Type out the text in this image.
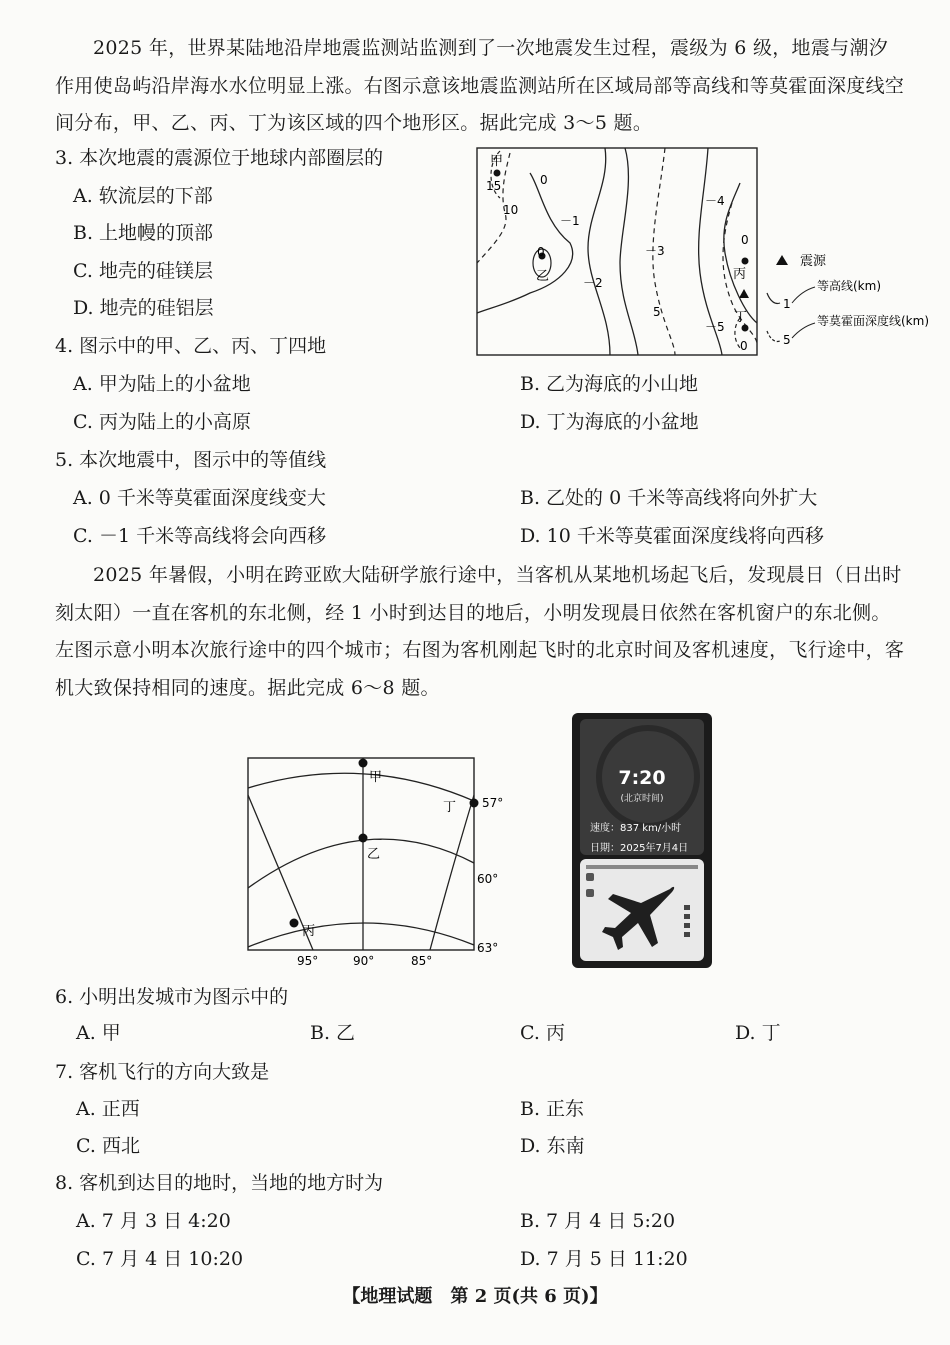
2025 年，世界某陆地沿岸地震监测站监测到了一次地震发生过程，震级为 6 级，地震与潮汐作用使岛屿沿岸海水水位明显上涨。右图示意该地震监测站所在区域局部等高线和等莫霍面深度线空间分布，甲、乙、丙、丁为该区域的四个地形区。据此完成 3～5 题。

3. 本次地震的震源位于地球内部圈层的
A. 软流层的下部
B. 上地幔的顶部
C. 地壳的硅镁层
D. 地壳的硅铝层
甲
乙	丙
丁
15
10
0
－1
0
－2
－3
5
－4
0
－5
0
震源
1
等高线(km)
5
等莫霍面深度线(km)
4. 图示中的甲、乙、丙、丁四地
A. 甲为陆上的小盆地	B. 乙为海底的小山地
C. 丙为陆上的小高原	D. 丁为海底的小盆地
5. 本次地震中，图示中的等值线
A. 0 千米等莫霍面深度线变大	B. 乙处的 0 千米等高线将向外扩大
C. －1 千米等高线将会向西移	D. 10 千米等莫霍面深度线将向西移

2025 年暑假，小明在跨亚欧大陆研学旅行途中，当客机从某地机场起飞后，发现晨日（日出时刻太阳）一直在客机的东北侧，经 1 小时到达目的地后，小明发现晨日依然在客机窗户的东北侧。左图示意小明本次旅行途中的四个城市；右图为客机刚起飞时的北京时间及客机速度，飞行途中，客机大致保持相同的速度。据此完成 6～8 题。

甲
乙
丙
丁 57°
60°
63°
95°	90°	85°
7:20
(北京时间)
速度：837 km/小时
日期：2025年7月4日
6. 小明出发城市为图示中的
A. 甲	B. 乙	C. 丙	D. 丁
7. 客机飞行的方向大致是
A. 正西	B. 正东
C. 西北	D. 东南
8. 客机到达目的地时，当地的地方时为
A. 7 月 3 日 4:20	B. 7 月 4 日 5:20
C. 7 月 4 日 10:20	D. 7 月 5 日 11:20
【地理试题　第 2 页(共 6 页)】
